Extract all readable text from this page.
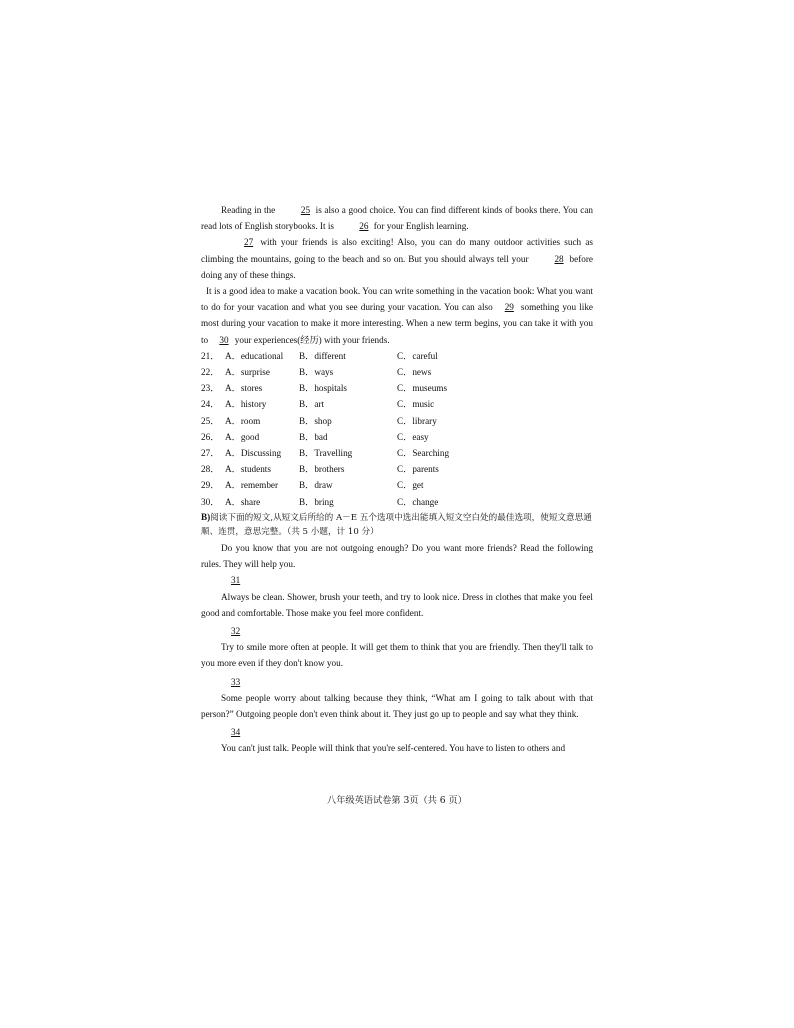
Reading in the	25 is also a good choice. You can find different kinds of books there. You can read lots of English storybooks. It is	26 for your English learning.

27 with your friends is also exciting! Also, you can do many outdoor activities such as climbing the mountains, going to the beach and so on. But you should always tell your	28 before doing any of these things.

It is a good idea to make a vacation book. You can write something in the vacation book: What you want to do for your vacation and what you see during your vacation. You can also 29 something you like most during your vacation to make it more interesting. When a new term begins, you can take it with you to 30 your experiences(经历) with your friends.

21． A．educational B．different	C．careful
22． A．surprise	B．ways	C．news
23． A．stores	B．hospitals	C．museums
24． A．history	B．art	C．music
25． A．room	B．shop	C．library
26． A．good	B．bad	C．easy
27． A．Discussing B．Travelling	C．Searching
28． A．students	B．brothers	C．parents
29． A．remember B．draw	C．get
30． A．share	B．bring	C．change

B)阅读下面的短文,从短文后所给的 A－E 五个选项中选出能填入短文空白处的最佳选项，使短文意思通顺、连贯，意思完整。（共 5 小题，计 10 分）

Do you know that you are not outgoing enough? Do you want more friends? Read the following rules. They will help you.

31

Always be clean. Shower, brush your teeth, and try to look nice. Dress in clothes that make you feel good and comfortable. Those make you feel more confident.

32

Try to smile more often at people. It will get them to think that you are friendly. Then they'll talk to you more even if they don't know you.

33

Some people worry about talking because they think, “What am I going to talk about with that person?” Outgoing people don't even think about it. They just go up to people and say what they think.

34

You can't just talk. People will think that you're self-centered. You have to listen to others and

八年级英语试卷第 3页（共 6 页）
